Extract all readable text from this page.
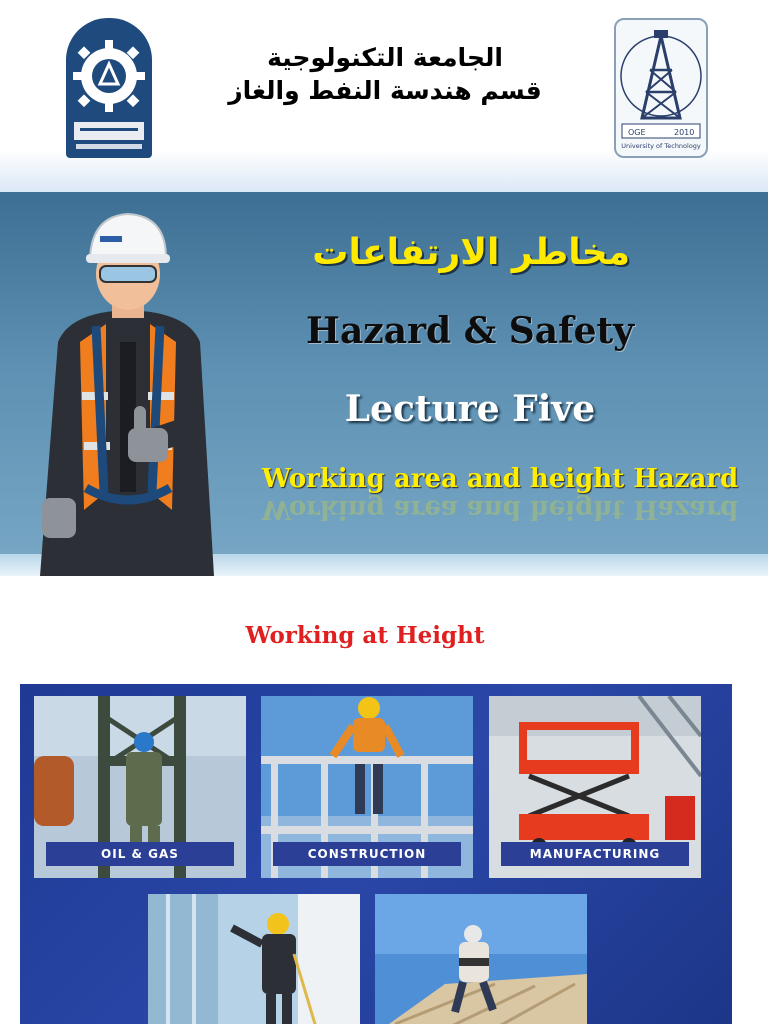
الجامعة التكنولوجية
قسم هندسة النفط والغاز
OGE	2010
University of Technology
مخاطر الارتفاعات
Hazard & Safety
Lecture Five
Working area and height Hazard
Working area and height Hazard
Working at Height
OIL & GAS	CONSTRUCTION	MANUFACTURING
